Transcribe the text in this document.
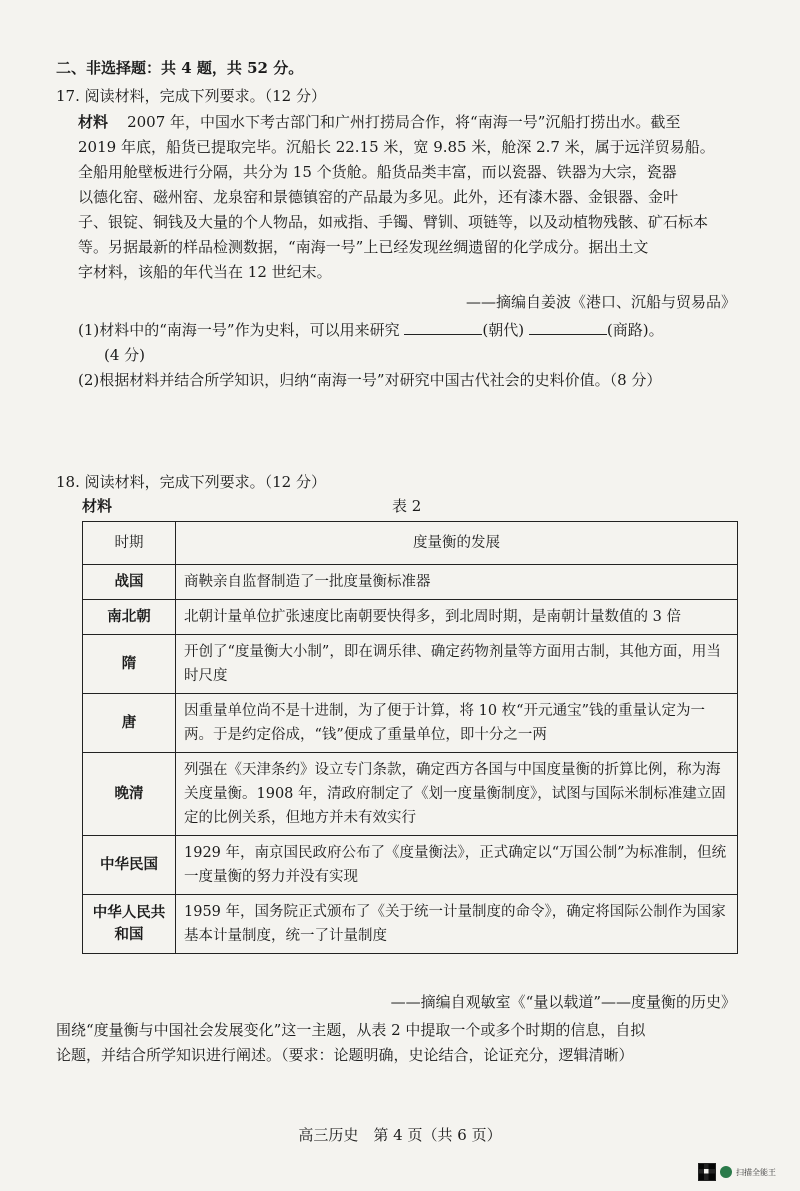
二、非选择题：共 4 题，共 52 分。
17. 阅读材料，完成下列要求。（12 分）
材料 2007 年，中国水下考古部门和广州打捞局合作，将“南海一号”沉船打捞出水。截至
2019 年底，船货已提取完毕。沉船长 22.15 米，宽 9.85 米，舱深 2.7 米，属于远洋贸易船。
全船用舱壁板进行分隔，共分为 15 个货舱。船货品类丰富，而以瓷器、铁器为大宗，瓷器
以德化窑、磁州窑、龙泉窑和景德镇窑的产品最为多见。此外，还有漆木器、金银器、金叶
子、银锭、铜钱及大量的个人物品，如戒指、手镯、臂钏、项链等，以及动植物残骸、矿石标本
等。另据最新的样品检测数据，“南海一号”上已经发现丝绸遗留的化学成分。据出土文
字材料，该船的年代当在 12 世纪末。
——摘编自姜波《港口、沉船与贸易品》
(1)材料中的“南海一号”作为史料，可以用来研究	(朝代)	(商路)。
(4 分)
(2)根据材料并结合所学知识，归纳“南海一号”对研究中国古代社会的史料价值。（8 分）
18. 阅读材料，完成下列要求。（12 分）
材料	表 2
时期	度量衡的发展
战国	商鞅亲自监督制造了一批度量衡标准器
南北朝	北朝计量单位扩张速度比南朝要快得多，到北周时期，是南朝计量数值的 3 倍
隋	开创了“度量衡大小制”，即在调乐律、确定药物剂量等方面用古制，其他方面，用当时尺度
唐	因重量单位尚不是十进制，为了便于计算，将 10 枚“开元通宝”钱的重量认定为一两。于是约定俗成，“钱”便成了重量单位，即十分之一两
晚清	列强在《天津条约》设立专门条款，确定西方各国与中国度量衡的折算比例，称为海关度量衡。1908 年，清政府制定了《划一度量衡制度》，试图与国际米制标准建立固定的比例关系，但地方并未有效实行
中华民国	1929 年，南京国民政府公布了《度量衡法》，正式确定以“万国公制”为标准制，但统一度量衡的努力并没有实现
中华人民共和国	1959 年，国务院正式颁布了《关于统一计量制度的命令》，确定将国际公制作为国家基本计量制度，统一了计量制度
——摘编自观敏室《“量以载道”——度量衡的历史》
围绕“度量衡与中国社会发展变化”这一主题，从表 2 中提取一个或多个时期的信息，自拟
论题，并结合所学知识进行阐述。（要求：论题明确，史论结合，论证充分，逻辑清晰）
高三历史　第 4 页（共 6 页）
扫描全能王
